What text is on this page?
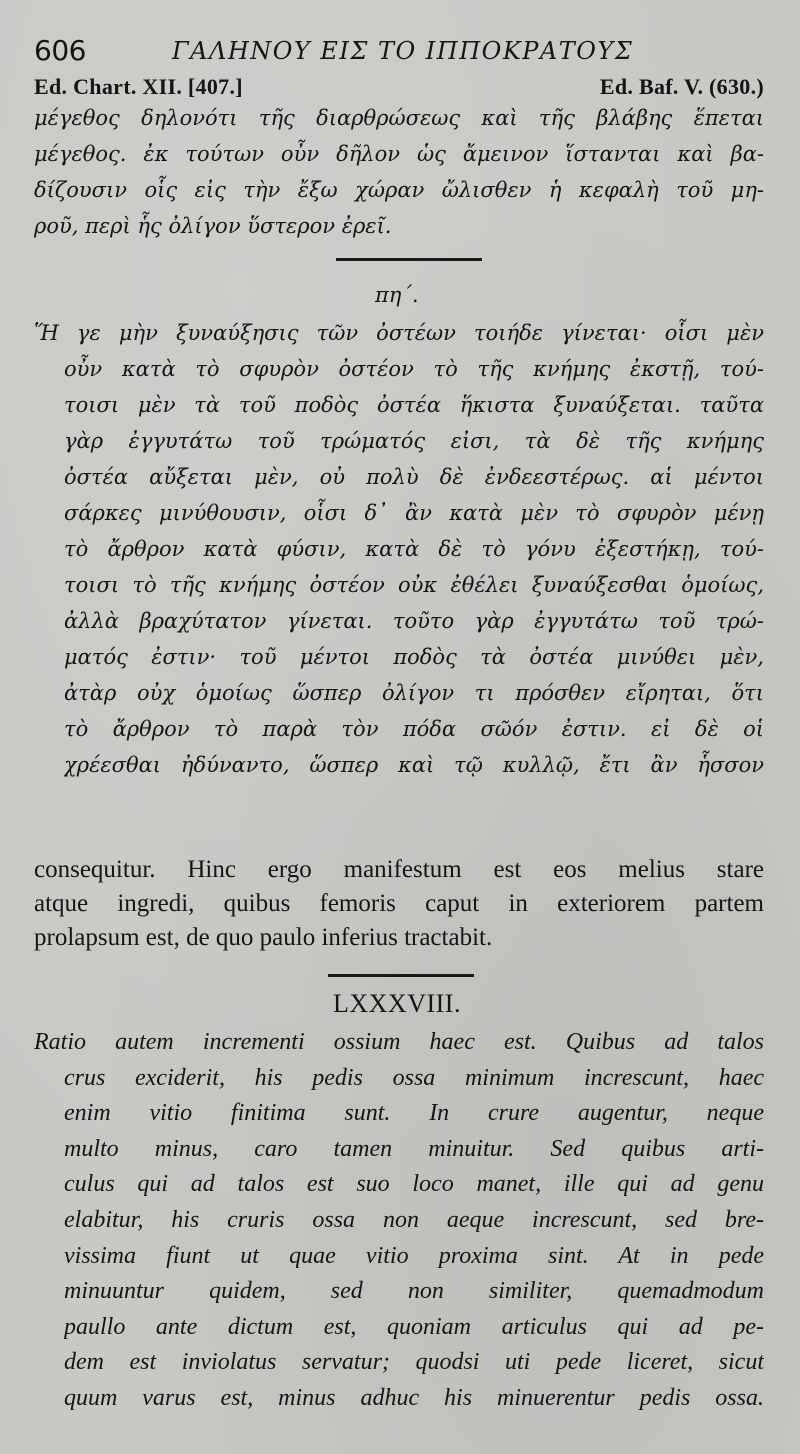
606	ΓΑΛΗΝΟΥ ΕΙΣ ΤΟ ΙΠΠΟΚΡΑΤΟΥΣ
Ed. Chart. XII. [407.]	Ed. Baf. V. (630.)
μέγεθος δηλονότι τῆς διαρθρώσεως καὶ τῆς βλάβης ἕπεται
μέγεθος. ἐκ τούτων οὖν δῆλον ὡς ἄμεινον ἵστανται καὶ βα-
δίζουσιν οἷς εἰς τὴν ἔξω χώραν ὤλισθεν ἡ κεφαλὴ τοῦ μη-
ροῦ, περὶ ἧς ὀλίγον ὕστερον ἐρεῖ.
πη΄.
Ἥ γε μὴν ξυναύξησις τῶν ὀστέων τοιήδε γίνεται· οἷσι μὲν
οὖν κατὰ τὸ σφυρὸν ὀστέον τὸ τῆς κνήμης ἐκστῇ, τού-
τοισι μὲν τὰ τοῦ ποδὸς ὀστέα ἥκιστα ξυναύξεται. ταῦτα
γὰρ ἐγγυτάτω τοῦ τρώματός εἰσι, τὰ δὲ τῆς κνήμης
ὀστέα αὔξεται μὲν, οὐ πολὺ δὲ ἐνδεεστέρως. αἱ μέντοι
σάρκες μινύθουσιν, οἷσι δ᾽ ἂν κατὰ μὲν τὸ σφυρὸν μένῃ
τὸ ἄρθρον κατὰ φύσιν, κατὰ δὲ τὸ γόνυ ἐξεστήκῃ, τού-
τοισι τὸ τῆς κνήμης ὀστέον οὐκ ἐθέλει ξυναύξεσθαι ὁμοίως,
ἀλλὰ βραχύτατον γίνεται. τοῦτο γὰρ ἐγγυτάτω τοῦ τρώ-
ματός ἐστιν· τοῦ μέντοι ποδὸς τὰ ὀστέα μινύθει μὲν,
ἀτὰρ οὐχ ὁμοίως ὥσπερ ὀλίγον τι πρόσθεν εἴρηται, ὅτι
τὸ ἄρθρον τὸ παρὰ τὸν πόδα σῶόν ἐστιν. εἰ δὲ οἱ
χρέεσθαι ἠδύναντο, ὥσπερ καὶ τῷ κυλλῷ, ἔτι ἂν ἧσσον
consequitur. Hinc ergo manifestum est eos melius stare
atque ingredi, quibus femoris caput in exteriorem partem
prolapsum est, de quo paulo inferius tractabit.
LXXXVIII.
Ratio autem incrementi ossium haec est. Quibus ad talos
crus exciderit, his pedis ossa minimum increscunt, haec
enim vitio finitima sunt. In crure augentur, neque
multo minus, caro tamen minuitur. Sed quibus arti-
culus qui ad talos est suo loco manet, ille qui ad genu
elabitur, his cruris ossa non aeque increscunt, sed bre-
vissima fiunt ut quae vitio proxima sint. At in pede
minuuntur quidem, sed non similiter, quemadmodum
paullo ante dictum est, quoniam articulus qui ad pe-
dem est inviolatus servatur; quodsi uti pede liceret, sicut
quum varus est, minus adhuc his minuerentur pedis ossa.
